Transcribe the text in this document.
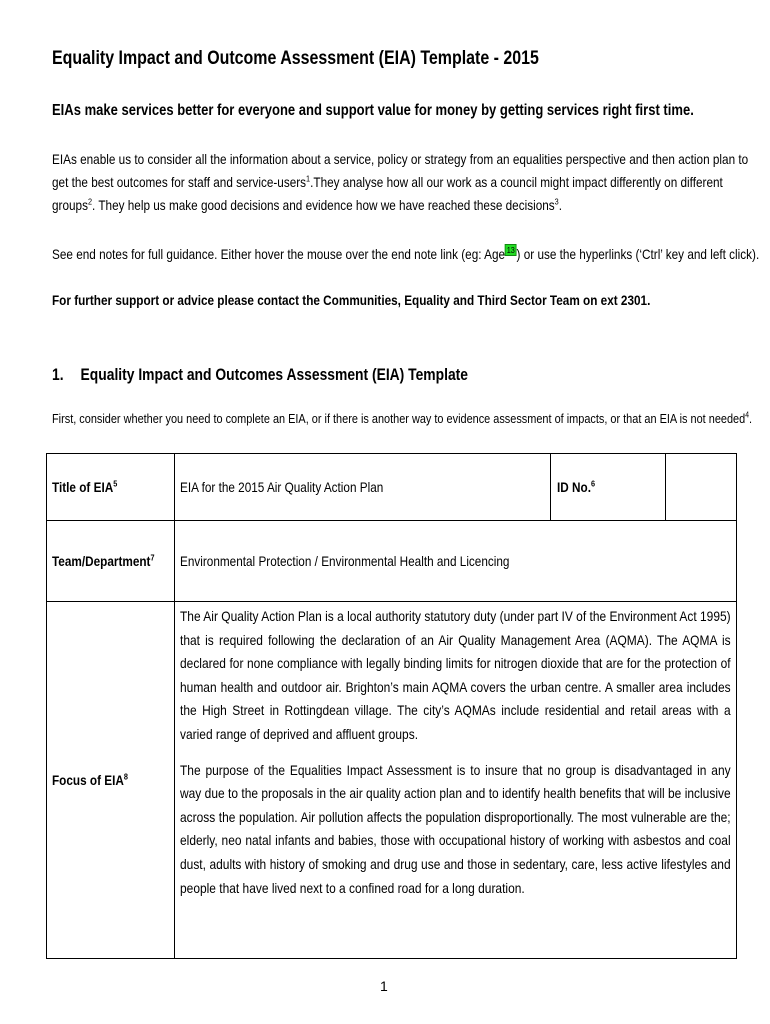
Equality Impact and Outcome Assessment (EIA) Template - 2015
EIAs make services better for everyone and support value for money by getting services right first time.
EIAs enable us to consider all the information about a service, policy or strategy from an equalities perspective and then action plan to
get the best outcomes for staff and service-users$^1$.They analyse how all our work as a council might impact differently on different
groups$^2$. They help us make good decisions and evidence how we have reached these decisions$^3$.
See end notes for full guidance. Either hover the mouse over the end note link (eg: Age $^{13}$ ) or use the hyperlinks (‘Ctrl’ key and left click).
For further support or advice please contact the Communities, Equality and Third Sector Team on ext 2301.
1. Equality Impact and Outcomes Assessment (EIA) Template
First, consider whether you need to complete an EIA, or if there is another way to evidence assessment of impacts, or that an EIA is not needed$^4$.
Title of EIA$^5$	EIA for the 2015 Air Quality Action Plan	ID No.$^6$	
Team/Department$^7$	Environmental Protection / Environmental Health and Licencing		
Focus of EIA$^8$	The Air Quality Action Plan is a local authority statutory duty (under part IV of the Environment Act 1995) that is required following the declaration of an Air Quality Management Area (AQMA). The AQMA is declared for none compliance with legally binding limits for nitrogen dioxide that are for the protection of human health and outdoor air. Brighton’s main AQMA covers the urban centre. A smaller area includes the High Street in Rottingdean village. The city’s AQMAs include residential and retail areas with a varied range of deprived and affluent groups.
The purpose of the Equalities Impact Assessment is to insure that no group is disadvantaged in any way due to the proposals in the air quality action plan and to identify health benefits that will be inclusive across the population. Air pollution affects the population disproportionally. The most vulnerable are the; elderly, neo natal infants and babies, those with occupational history of working with asbestos and coal dust, adults with history of smoking and drug use and those in sedentary, care, less active lifestyles and people that have lived next to a confined road for a long duration.		
1
